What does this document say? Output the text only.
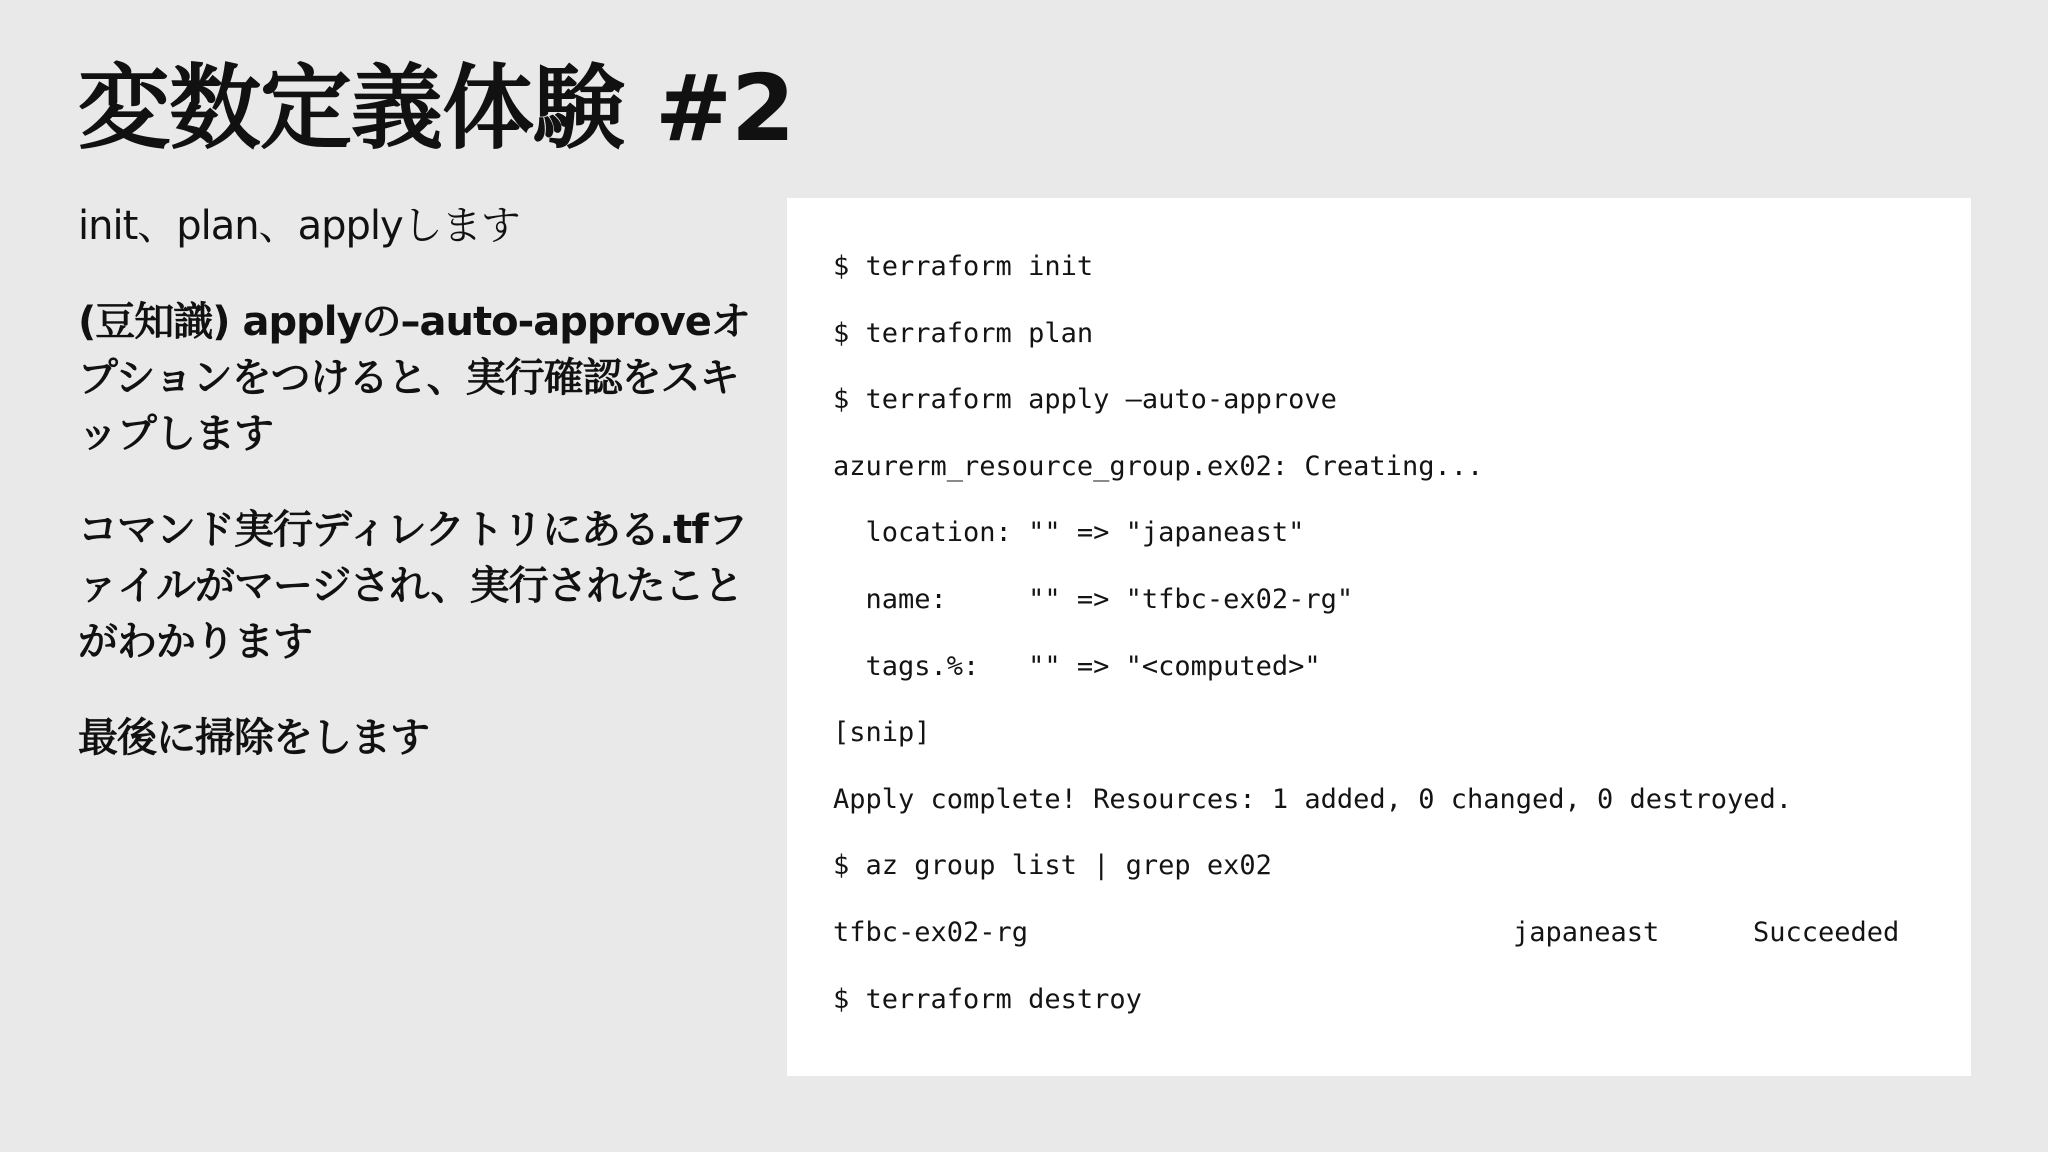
変数定義体験 #2

init、plan、applyします

(豆知識) applyの–auto-approveオプションをつけると、実行確認をスキップします

コマンド実行ディレクトリにある.tfファイルがマージされ、実行されたことがわかります

最後に掃除をします

$ terraform init
$ terraform plan
$ terraform apply –auto-approve
azurerm_resource_group.ex02: Creating...
location: "" => "japaneast"
name:     "" => "tfbc-ex02-rg"
tags.%:   "" => "<computed>"
[snip]
Apply complete! Resources: 1 added, 0 changed, 0 destroyed.
$ az group list | grep ex02
tfbc-ex02-rg	japaneast	Succeeded
$ terraform destroy
